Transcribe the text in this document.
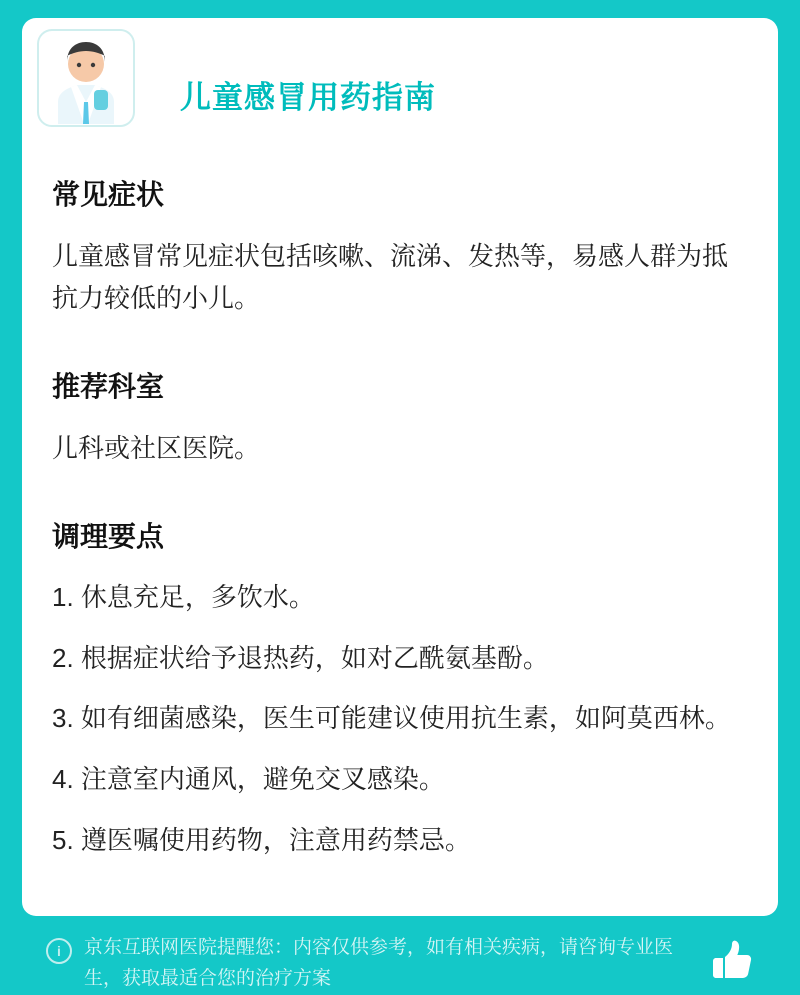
儿童感冒用药指南
常见症状

儿童感冒常见症状包括咳嗽、流涕、发热等，易感人群为抵抗力较低的小儿。

推荐科室

儿科或社区医院。

调理要点
1. 休息充足，多饮水。
2. 根据症状给予退热药，如对乙酰氨基酚。
3. 如有细菌感染，医生可能建议使用抗生素，如阿莫西林。
4. 注意室内通风，避免交叉感染。
5. 遵医嘱使用药物，注意用药禁忌。
i	京东互联网医院提醒您：内容仅供参考，如有相关疾病，请咨询专业医生，获取最适合您的治疗方案
